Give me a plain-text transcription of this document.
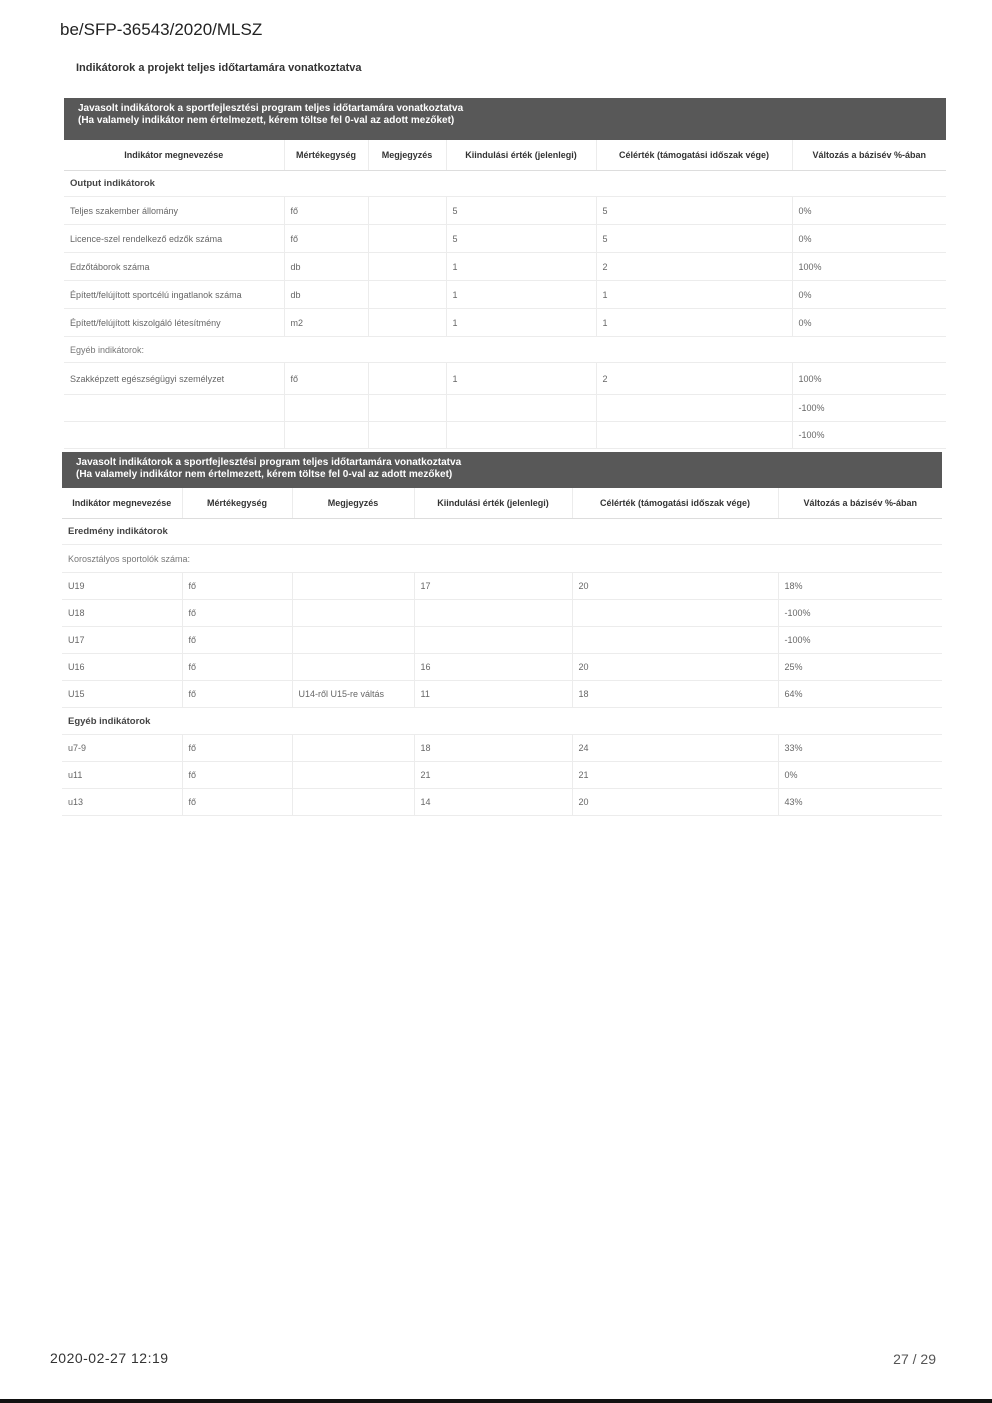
be/SFP-36543/2020/MLSZ
Indikátorok a projekt teljes időtartamára vonatkoztatva
Javasolt indikátorok a sportfejlesztési program teljes időtartamára vonatkoztatva
(Ha valamely indikátor nem értelmezett, kérem töltse fel 0-val az adott mezőket)
Indikátor megnevezése	Mértékegység	Megjegyzés	Kiindulási érték (jelenlegi)	Célérték (támogatási időszak vége)	Változás a bázisév %-ában
Output indikátorok					
Teljes szakember állomány	fő		5	5	0%
Licence-szel rendelkező edzők száma	fő		5	5	0%
Edzőtáborok száma	db		1	2	100%
Épített/felújított sportcélú ingatlanok száma	db		1	1	0%
Épített/felújított kiszolgáló létesítmény	m2		1	1	0%
Egyéb indikátorok:					
Szakképzett egészségügyi személyzet	fő		1	2	100%
					-100%
					-100%
Javasolt indikátorok a sportfejlesztési program teljes időtartamára vonatkoztatva
(Ha valamely indikátor nem értelmezett, kérem töltse fel 0-val az adott mezőket)
Indikátor megnevezése	Mértékegység	Megjegyzés	Kiindulási érték (jelenlegi)	Célérték (támogatási időszak vége)	Változás a bázisév %-ában
Eredmény indikátorok					
Korosztályos sportolók száma:					
U19	fő		17	20	18%
U18	fő				-100%
U17	fő				-100%
U16	fő		16	20	25%
U15	fő	U14-ről U15-re váltás	11	18	64%
Egyéb indikátorok					
u7-9	fő		18	24	33%
u11	fő		21	21	0%
u13	fő		14	20	43%
2020-02-27 12:19	27 / 29
